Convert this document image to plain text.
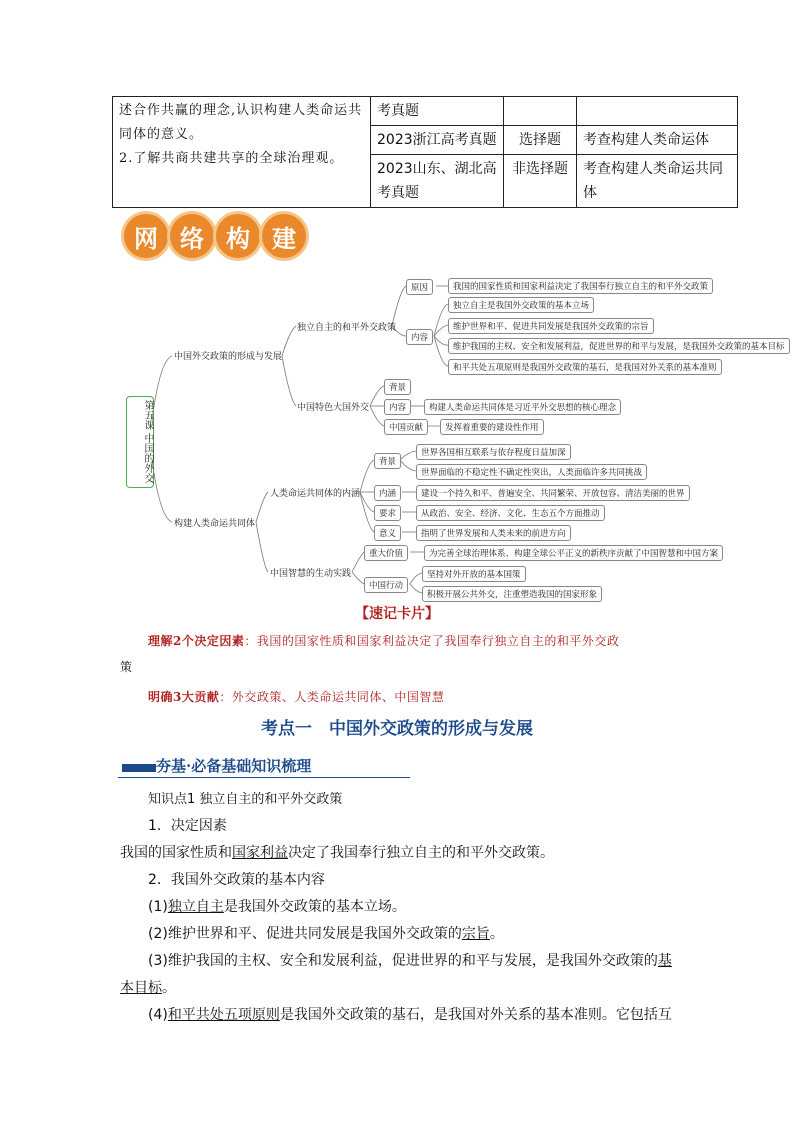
述合作共赢的理念,认识构建人类命运共同体的意义。
2.了解共商共建共享的全球治理观。	考真题		
	2023浙江高考真题	选择题	考查构建人类命运体
	2023山东、湖北高考真题	非选择题	考查构建人类命运共同体
网 络 构 建
第五课 中国的外交
中国外交政策的形成与发展
独立自主的和平外交政策
原因	我国的国家性质和国家利益决定了我国奉行独立自主的和平外交政策
内容
独立自主是我国外交政策的基本立场
维护世界和平、促进共同发展是我国外交政策的宗旨
维护我国的主权、安全和发展利益，促进世界的和平与发展，是我国外交政策的基本目标
和平共处五项原则是我国外交政策的基石，是我国对外关系的基本准则
中国特色大国外交
背景
内容	构建人类命运共同体是习近平外交思想的核心理念
中国贡献	发挥着重要的建设性作用
构建人类命运共同体
人类命运共同体的内涵
背景
世界各国相互联系与依存程度日益加深
世界面临的不稳定性不确定性突出，人类面临许多共同挑战
内涵	建设一个持久和平、普遍安全、共同繁荣、开放包容、清洁美丽的世界
要求	从政治、安全、经济、文化、生态五个方面推动
意义	指明了世界发展和人类未来的前进方向
中国智慧的生动实践
重大价值	为完善全球治理体系、构建全球公平正义的新秩序贡献了中国智慧和中国方案
中国行动
坚持对外开放的基本国策
积极开展公共外交，注重塑造我国的国家形象
【速记卡片】
理解2个决定因素：我国的国家性质和国家利益决定了我国奉行独立自主的和平外交政
策
明确3大贡献：外交政策、人类命运共同体、中国智慧
考点一　中国外交政策的形成与发展
夯基·必备基础知识梳理
知识点1 独立自主的和平外交政策
1．决定因素
我国的国家性质和国家利益决定了我国奉行独立自主的和平外交政策。
2．我国外交政策的基本内容
(1)独立自主是我国外交政策的基本立场。
(2)维护世界和平、促进共同发展是我国外交政策的宗旨。
(3)维护我国的主权、安全和发展利益，促进世界的和平与发展，是我国外交政策的基
本目标。
(4)和平共处五项原则是我国外交政策的基石，是我国对外关系的基本准则。它包括互
